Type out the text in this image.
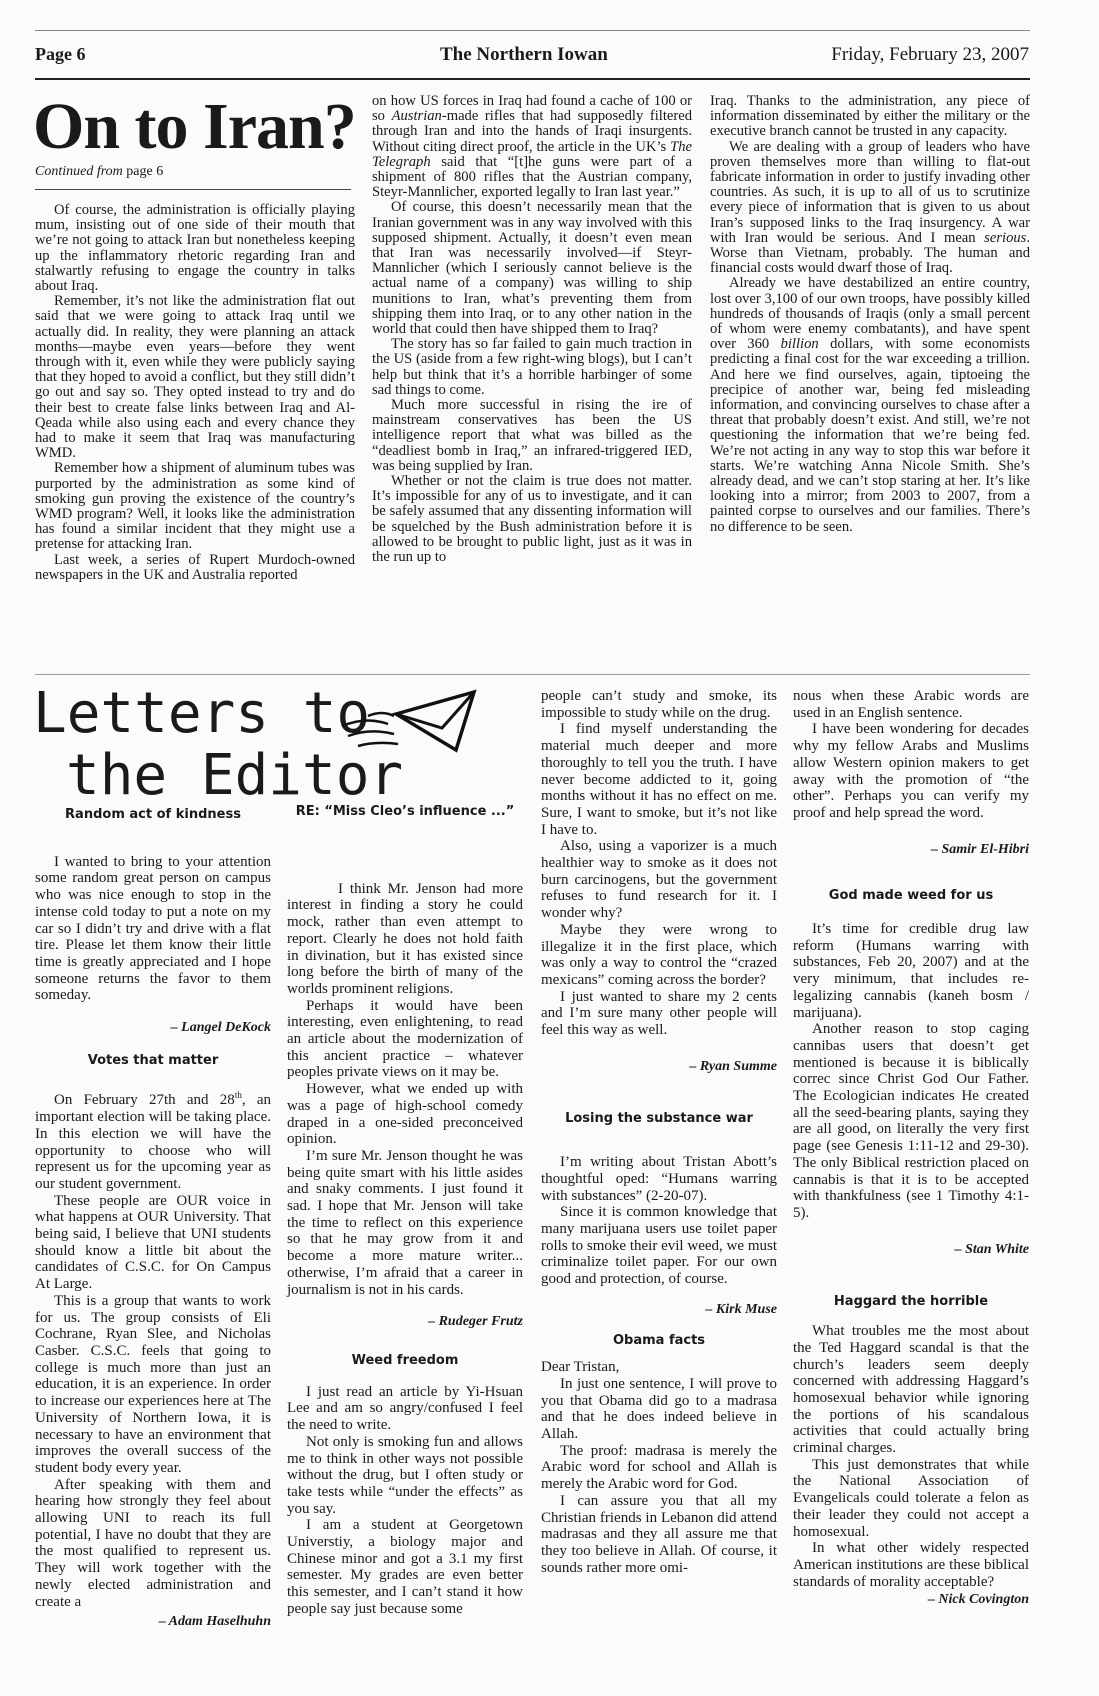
Page 6	The Northern Iowan	Friday, February 23, 2007
On to Iran?
Continued from page 6

Of course, the administration is officially playing mum, insisting out of one side of their mouth that we’re not going to attack Iran but nonetheless keeping up the inflammatory rhetoric regarding Iran and stalwartly refusing to engage the country in talks about Iraq.

Remember, it’s not like the administration flat out said that we were going to attack Iraq until we actually did. In reality, they were planning an attack months—maybe even years—before they went through with it, even while they were publicly saying that they hoped to avoid a conflict, but they still didn’t go out and say so. They opted instead to try and do their best to create false links between Iraq and Al-Qeada while also using each and every chance they had to make it seem that Iraq was manufacturing WMD.

Remember how a shipment of aluminum tubes was purported by the administration as some kind of smoking gun proving the existence of the country’s WMD program? Well, it looks like the administration has found a similar incident that they might use a pretense for attacking Iran.

Last week, a series of Rupert Murdoch-owned newspapers in the UK and Australia reported

on how US forces in Iraq had found a cache of 100 or so Austrian-made rifles that had supposedly filtered through Iran and into the hands of Iraqi insurgents. Without citing direct proof, the article in the UK’s The Telegraph said that “[t]he guns were part of a shipment of 800 rifles that the Austrian company, Steyr-Mannlicher, exported legally to Iran last year.”

Of course, this doesn’t necessarily mean that the Iranian government was in any way involved with this supposed shipment. Actually, it doesn’t even mean that Iran was necessarily involved—if Steyr-Mannlicher (which I seriously cannot believe is the actual name of a company) was willing to ship munitions to Iran, what’s preventing them from shipping them into Iraq, or to any other nation in the world that could then have shipped them to Iraq?

The story has so far failed to gain much traction in the US (aside from a few right-wing blogs), but I can’t help but think that it’s a horrible harbinger of some sad things to come.

Much more successful in rising the ire of mainstream conservatives has been the US intelligence report that what was billed as the “deadliest bomb in Iraq,” an infrared-triggered IED, was being supplied by Iran.

Whether or not the claim is true does not matter. It’s impossible for any of us to investigate, and it can be safely assumed that any dissenting information will be squelched by the Bush administration before it is allowed to be brought to public light, just as it was in the run up to

Iraq. Thanks to the administration, any piece of information disseminated by either the military or the executive branch cannot be trusted in any capacity.

We are dealing with a group of leaders who have proven themselves more than willing to flat-out fabricate information in order to justify invading other countries. As such, it is up to all of us to scrutinize every piece of information that is given to us about Iran’s supposed links to the Iraq insurgency. A war with Iran would be serious. And I mean serious. Worse than Vietnam, probably. The human and financial costs would dwarf those of Iraq.

Already we have destabilized an entire country, lost over 3,100 of our own troops, have possibly killed hundreds of thousands of Iraqis (only a small percent of whom were enemy combatants), and have spent over 360 billion dollars, with some economists predicting a final cost for the war exceeding a trillion. And here we find ourselves, again, tiptoeing the precipice of another war, being fed misleading information, and convincing ourselves to chase after a threat that probably doesn’t exist. And still, we’re not questioning the information that we’re being fed. We’re not acting in any way to stop this war before it starts. We’re watching Anna Nicole Smith. She’s already dead, and we can’t stop staring at her. It’s like looking into a mirror; from 2003 to 2007, from a painted corpse to ourselves and our families. There’s no difference to be seen.

Letters to
the Editor
Random act of kindness

I wanted to bring to your attention some random great person on campus who was nice enough to stop in the intense cold today to put a note on my car so I didn’t try and drive with a flat tire. Please let them know their little time is greatly appreciated and I hope someone returns the favor to them someday.

– Langel DeKock

Votes that matter

On February 27th and 28th, an important election will be taking place. In this election we will have the opportunity to choose who will represent us for the upcoming year as our student government.

These people are OUR voice in what happens at OUR University. That being said, I believe that UNI students should know a little bit about the candidates of C.S.C. for On Campus At Large.

This is a group that wants to work for us. The group consists of Eli Cochrane, Ryan Slee, and Nicholas Casber. C.S.C. feels that going to college is much more than just an education, it is an experience. In order to increase our experiences here at The University of Northern Iowa, it is necessary to have an environment that improves the overall success of the student body every year.

After speaking with them and hearing how strongly they feel about allowing UNI to reach its full potential, I have no doubt that they are the most qualified to represent us. They will work together with the newly elected administration and create a

– Adam Haselhuhn

RE: “Miss Cleo’s influence ...”

I think Mr. Jenson had more interest in finding a story he could mock, rather than even attempt to report. Clearly he does not hold faith in divination, but it has existed since long before the birth of many of the worlds prominent religions.

Perhaps it would have been interesting, even enlightening, to read an article about the modernization of this ancient practice – whatever peoples private views on it may be.

However, what we ended up with was a page of high-school comedy draped in a one-sided preconceived opinion.

I’m sure Mr. Jenson thought he was being quite smart with his little asides and snaky comments. I just found it sad. I hope that Mr. Jenson will take the time to reflect on this experience so that he may grow from it and become a more mature writer... otherwise, I’m afraid that a career in journalism is not in his cards.

– Rudeger Frutz

Weed freedom

I just read an article by Yi-Hsuan Lee and am so angry/confused I feel the need to write.

Not only is smoking fun and allows me to think in other ways not possible without the drug, but I often study or take tests while “under the effects” as you say.

I am a student at Georgetown Universtiy, a biology major and Chinese minor and got a 3.1 my first semester. My grades are even better this semester, and I can’t stand it how people say just because some

people can’t study and smoke, its impossible to study while on the drug.

I find myself understanding the material much deeper and more thoroughly to tell you the truth. I have never become addicted to it, going months without it has no effect on me. Sure, I want to smoke, but it’s not like I have to.

Also, using a vaporizer is a much healthier way to smoke as it does not burn carcinogens, but the government refuses to fund research for it. I wonder why?

Maybe they were wrong to illegalize it in the first place, which was only a way to control the “crazed mexicans” coming across the border?

I just wanted to share my 2 cents and I’m sure many other people will feel this way as well.

– Ryan Summe

Losing the substance war

I’m writing about Tristan Abott’s thoughtful oped: “Humans warring with substances” (2-20-07).

Since it is common knowledge that many marijuana users use toilet paper rolls to smoke their evil weed, we must criminalize toilet paper. For our own good and protection, of course.

– Kirk Muse

Obama facts

Dear Tristan,

In just one sentence, I will prove to you that Obama did go to a madrasa and that he does indeed believe in Allah.

The proof: madrasa is merely the Arabic word for school and Allah is merely the Arabic word for God.

I can assure you that all my Christian friends in Lebanon did attend madrasas and they all assure me that they too believe in Allah. Of course, it sounds rather more omi-

nous when these Arabic words are used in an English sentence.

I have been wondering for decades why my fellow Arabs and Muslims allow Western opinion makers to get away with the promotion of “the other”. Perhaps you can verify my proof and help spread the word.

– Samir El-Hibri

God made weed for us

It’s time for credible drug law reform (Humans warring with substances, Feb 20, 2007) and at the very minimum, that includes re-legalizing cannabis (kaneh bosm / marijuana).

Another reason to stop caging cannibas users that doesn’t get mentioned is because it is biblically correc since Christ God Our Father. The Ecologician indicates He created all the seed-bearing plants, saying they are all good, on literally the very first page (see Genesis 1:11-12 and 29-30). The only Biblical restriction placed on cannabis is that it is to be accepted with thankfulness (see 1 Timothy 4:1-5).

– Stan White

Haggard the horrible

What troubles me the most about the Ted Haggard scandal is that the church’s leaders seem deeply concerned with addressing Haggard’s homosexual behavior while ignoring the portions of his scandalous activities that could actually bring criminal charges.

This just demonstrates that while the National Association of Evangelicals could tolerate a felon as their leader they could not accept a homosexual.

In what other widely respected American institutions are these biblical standards of morality acceptable?

– Nick Covington
